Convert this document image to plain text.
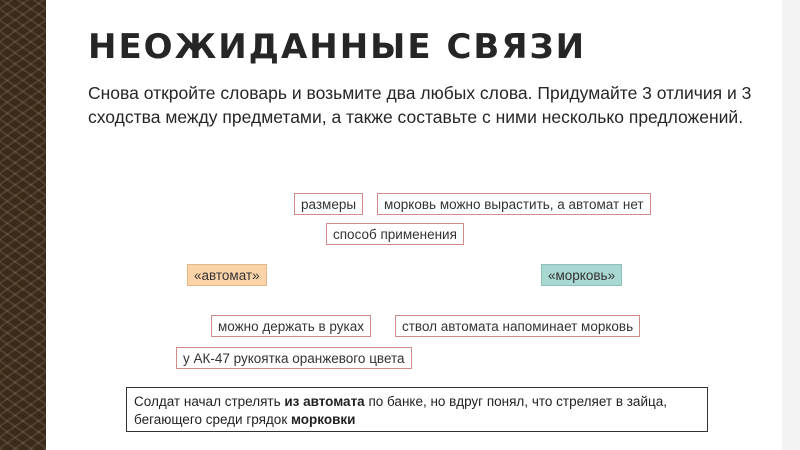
НЕОЖИДАННЫЕ СВЯЗИ

Снова откройте словарь и возьмите два любых слова. Придумайте 3 отличия и 3 сходства между предметами, а также составьте с ними несколько предложений.

размеры	морковь можно вырастить, а автомат нет
способ применения
«автомат»	«морковь»
можно держать в руках	ствол автомата напоминает морковь
у АК-47 рукоятка оранжевого цвета
Солдат начал стрелять из автомата по банке, но вдруг понял, что стреляет в зайца, бегающего среди грядок морковки
